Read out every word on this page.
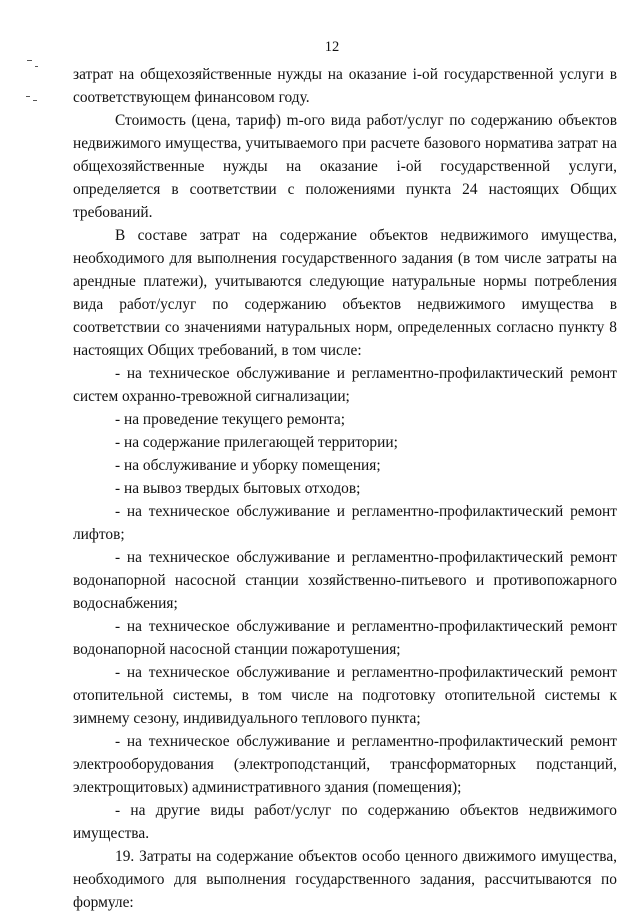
12

затрат на общехозяйственные нужды на оказание i-ой государственной услуги в соответствующем финансовом году.

Стоимость (цена, тариф) m-ого вида работ/услуг по содержанию объектов недвижимого имущества, учитываемого при расчете базового норматива затрат на общехозяйственные нужды на оказание i-ой государственной услуги, определяется в соответствии с положениями пункта 24 настоящих Общих требований.

В составе затрат на содержание объектов недвижимого имущества, необходимого для выполнения государственного задания (в том числе затраты на арендные платежи), учитываются следующие натуральные нормы потребления вида работ/услуг по содержанию объектов недвижимого имущества в соответствии со значениями натуральных норм, определенных согласно пункту 8 настоящих Общих требований, в том числе:

- на техническое обслуживание и регламентно-профилактический ремонт систем охранно-тревожной сигнализации;

- на проведение текущего ремонта;

- на содержание прилегающей территории;

- на обслуживание и уборку помещения;

- на вывоз твердых бытовых отходов;

- на техническое обслуживание и регламентно-профилактический ремонт лифтов;

- на техническое обслуживание и регламентно-профилактический ремонт водонапорной насосной станции хозяйственно-питьевого и противопожарного водоснабжения;

- на техническое обслуживание и регламентно-профилактический ремонт водонапорной насосной станции пожаротушения;

- на техническое обслуживание и регламентно-профилактический ремонт отопительной системы, в том числе на подготовку отопительной системы к зимнему сезону, индивидуального теплового пункта;

- на техническое обслуживание и регламентно-профилактический ремонт электрооборудования (электроподстанций, трансформаторных подстанций, электрощитовых) административного здания (помещения);

- на другие виды работ/услуг по содержанию объектов недвижимого имущества.

19. Затраты на содержание объектов особо ценного движимого имущества, необходимого для выполнения государственного задания, рассчитываются по формуле:
